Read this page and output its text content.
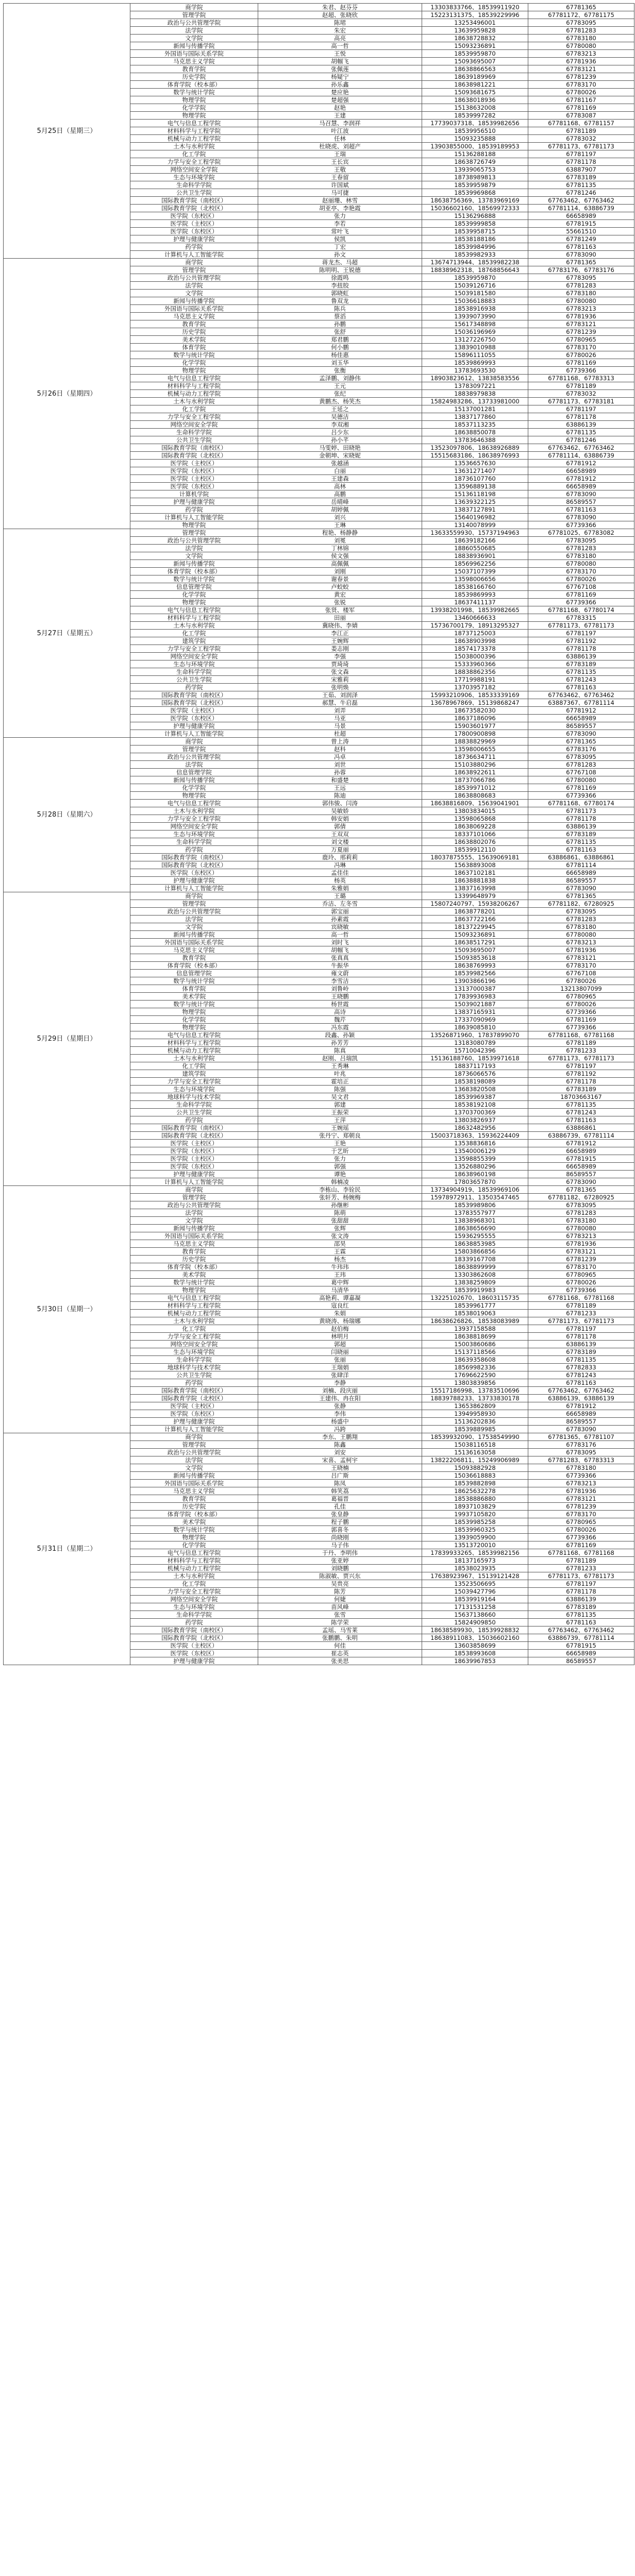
5月25日（星期三）	商学院	朱君、赵芬芬	13303833766、18539911920	67781365
	管理学院	赵超、张晓欣	15223131375、18539229996	67781172、67781175
	政治与公共管理学院	陈珺	13253496001	67783095
	法学院	朱宏	13639959828	67781283
	文学院	高亮	18638728832	67783180
	新闻与传播学院	高一哲	15093236891	67780080
	外国语与国际关系学院	王悦	18539959870	67783213
	马克思主义学院	胡帼飞	15093695007	67781936
	教育学院	张佩莲	18638866563	67783121
	历史学院	杨疑宁	18639189969	67781239
	体育学院（校本部）	孙乐鑫	18638981221	67783170
	数学与统计学院	楚应艳	15093681675	67780026
	物理学院	楚超强	18638018936	67781167
	化学学院	赵艳	15138632008	67781169
	物理学院	王建	18539997282	67783087
	电气与信息工程学院	马召慧、李润祥	17739037318、18539982656	67781168、67781157
	材料科学与工程学院	叶江波	18539956510	67781189
	机械与动力工程学院	任林	15093235888	67783032
	土木与水利学院	杜晓虎、刘超产	13903855000、18539189953	67781173、67781173
	化工学院	王瑞	15136288188	67781197
	力学与安全工程学院	王长宾	18638726749	67781178
	网络空间安全学院	王敬	13939065753	63887907
	生态与环境学院	王春留	18738989813	67783189
	生命科学学院	许国斌	18539959879	67781135
	公共卫生学院	马可捷	18539969868	67781246
	国际教育学院（南校区）	赵丽珊、林雪	18638756369、13783969169	67763462、67763462
	国际教育学院（北校区）	胡亚亭、李艳霞	15036602160、18569972333	67781114、63886739
	医学院（东校区）	张力	15136296888	66658989
	医学院（主校区）	李若	18539999858	67781915
	医学院（东校区）	常叶飞	18539958715	55661510
	护理与健康学院	侯凯	18538188186	67781249
	药学院	丁宏	18539984996	67781163
	计算机与人工智能学院	孙文	18539982933	67783090
5月26日（星期四）	商学院	蒋龙杰、马超	13674713944、18539982238	67781365
	管理学院	陈明明、王锐德	18838962318、18768856643	67783176、67783176
	政治与公共管理学院	徐霞鸣	18539959870	67783095
	法学院	李扭胶	15039126716	67781283
	文学院	郭晓虹	15039181580	67783180
	新闻与传播学院	鲁双龙	15036618883	67780080
	外国语与国际关系学院	陈兵	18538916938	67783213
	马克思主义学院	蔡滔	13939073990	67781936
	教育学院	孙鹏	15617348898	67783121
	历史学院	张舒	15036196969	67781239
	美术学院	郑君鹏	13127226750	67780965
	体育学院	何小鹏	13839010988	67783170
	数学与统计学院	杨佳惠	15896111055	67780026
	化学学院	刘玉华	18539869993	67781169
	物理学院	张衡	13783693530	67739366
	电气与信息工程学院	孟泽鹏、刘静伟	18903823612、13838583556	67781168、67783313
	材料科学与工程学院	王元	13783097221	67781189
	机械与动力工程学院	张纪	18838979838	67783032
	土木与水利学院	黄鹏杰、杨笑杰	15824983286、13733981000	67781173、67783181
	化工学院	王延之	15137001281	67781197
	力学与安全工程学院	吴德洁	13837177860	67781178
	网络空间安全学院	李双湘	18537113235	63886139
	生命科学学院	吕少东	18638850078	67781135
	公共卫生学院	孙小芊	13783646388	67781246
	国际教育学院（南校区）	马雯婷、田晓艳	13523097806、18638926889	67763462、67763462
	国际教育学院（北校区）	金朝坤、宋晓妮	15515683186、18638976993	67781114、63886739
	医学院（主校区）	张越涵	13536657630	67781912
	医学院（东校区）	白丽	13631271407	66658989
	医学院（主校区）	王建森	18736107760	67781912
	医学院（东校区）	高林	13596889138	66658989
	计算机学院	高鹏	15136118198	67783090
	护理与健康学院	岳晴峰	13639322125	86589557
	药学院	胡婷佩	13837127891	67781163
	计算机与人工智能学院	刘兴	15640196982	67783090
	物理学院	王琳	13140078999	67739366
5月27日（星期五）	管理学院	程艳、杨静静	13633559930、15737194963	67781025、67783082
	政治与公共管理学院	刘冕	18639182166	67783095
	法学院	丁林锦	18860550685	67781283
	文学院	侯文强	18838936901	67783180
	新闻与传播学院	高佩佩	18569962256	67780080
	体育学院（校本部）	刘刚	15037107399	67783170
	数学与统计学院	谢春景	13598006656	67780026
	信息管理学院	卢蛟蛟	18538166760	67767108
	化学学院	黄宏	18539869993	67781169
	物理学院	张锐	18637411137	67739366
	电气与信息工程学院	张贤、楼军	13938201998、18539982665	67781168、67780174
	材料科学与工程学院	田丽	13460666633	67783315
	土木与水利学院	冀晓伟、李婧	15736700179、18913295327	67781173、67781173
	化工学院	李江正	18737125003	67781197
	建筑学院	王婉辉	18638903998	67781192
	力学与安全工程学院	娄志刚	18574173378	67781178
	网络空间安全学院	李强	15038000396	63886139
	生态与环境学院	贾琦琦	15333960366	67783189
	生命科学学院	张文森	18838862356	67781135
	公共卫生学院	宋雅莉	17719988191	67781243
	药学院	张明焕	13703957182	67781163
	国际教育学院（南校区）	王茹、刘润泽	15993210906、18533339169	67763462、67763462
	国际教育学院（北校区）	郝慧、牛启磊	13678967869、15139868247	63887367、67781114
	医学院（主校区）	刘弄	18673582030	67781912
	医学院（东校区）	马亚	18637186096	66658989
	护理与健康学院	马景	15903601977	86589557
	计算机与人工智能学院	杜超	17800900898	67783090
5月28日（星期六）	商学院	曾上涛	18838829969	67781365
	管理学院	赵科	13598006655	67783176
	政治与公共管理学院	冯卓	18736634711	67783095
	法学院	刘世	15103880296	67781283
	信息管理学院	孙蓉	18638922611	67767108
	新闻与传播学院	和盛楚	18737066786	67780080
	化学学院	王远	18539971012	67781169
	物理学院	陈迪	18638808683	67739366
	电气与信息工程学院	郭伟骏、闫涛	18638816809、15639041901	67781168、67780174
	土木与水利学院	吴敏娇	13803834015	67781173
	力学与安全工程学院	韩安娟	13598065868	67781178
	网络空间安全学院	郭倩	18638069228	63886139
	生态与环境学院	王双双	18337101066	67783189
	生命科学学院	刘文楼	18638802076	67781135
	药学院	万夏丽	18539912110	67781163
	国际教育学院（南校区）	鹿玲、邢莉莉	18037875555、15639069181	63886861、63886861
	国际教育学院（北校区）	冯琳	15638893008	67781114
	医学院（东校区）	孟佳佳	18637102181	66658989
	护理与健康学院	杨英	18638881838	86589557
	计算机与人工智能学院	朱雅娟	13837163998	67783090
5月29日（星期日）	商学院	王璐	13399648979	67781365
	管理学院	乔洁、左冬雪	15807240797、15938206267	67781182、67280925
	政治与公共管理学院	郭宝丽	18638778201	67783095
	法学院	孙素霞	18637722166	67781283
	文学院	宾晓敏	18137229945	67783180
	新闻与传播学院	高一哲	15093236891	67780080
	外国语与国际关系学院	刘时飞	18638517291	67783213
	马克思主义学院	胡帼飞	15093695007	67781936
	教育学院	张真真	15093853618	67783121
	体育学院（校本部）	牛振华	18638769993	67783170
	信息管理学院	雍文蔚	18539982566	67767108
	数学与统计学院	李雪洁	13903866196	67780026
	体育学院	刘鲁岭	13137000387	13213807099
	美术学院	王晓鹏	17839936983	67780965
	数学与统计学院	杨世霞	15039021887	67780026
	物理学院	高诗	13837165931	67739366
	化学学院	魏芹	17337090969	67781169
	物理学院	冯东霞	18639085810	67739366
	电气与信息工程学院	段鑫、孙颖	13526871960、17837899070	67781168、67781168
	材料科学与工程学院	孙芳芳	13183080789	67781189
	机械与动力工程学院	陈真	15710042396	67781233
	土木与水利学院	赵刚、吕瑞凯	15136188760、18539971618	67781173、67781173
	化工学院	王秀琳	18837117193	67781197
	建筑学院	叶兆	18736066576	67781192
	力学与安全工程学院	霍培正	18538198089	67781178
	生态与环境学院	陈强	13683820508	67783189
	地球科学与技术学院	吴文君	18539969387	18703663167
	生命科学学院	郭建	18538192108	67781135
	公共卫生学院	王振荣	13703700369	67781243
	药学院	王萍	13803826937	67781163
	国际教育学院（南校区）	王婉瑶	18632482956	63886861
	国际教育学院（北校区）	张丹宁、郑朝良	15003718363、15936224409	63886739、67781114
	医学院（主校区）	王艳	13538836816	67781912
	医学院（东校区）	于艺昕	13540006129	66658989
	医学院（主校区）	张力	13598855399	67781915
	医学院（东校区）	郭强	13526880296	66658989
	护理与健康学院	谭艳	18638960198	86589557
	计算机与人工智能学院	韩楠凌	17803657870	67783090
5月30日（星期一）	商学院	李栋山、李铨民	13734904919、18539969106	67781365
	管理学院	张轩芳、杨婉梅	15978972911、13503547465	67781182、67280925
	政治与公共管理学院	孙继彬	18539989806	67783095
	法学院	陈萌	13783557977	67781283
	文学院	张甜甜	13838968301	67783180
	新闻与传播学院	张辉	18638656690	67780080
	外国语与国际关系学院	张文涛	15936295555	67783213
	马克思主义学院	邵昊	18638853985	67781936
	教育学院	王霖	15803866856	67783121
	历史学院	杨杰	18339167708	67781239
	体育学院（校本部）	牛玮玮	18638899999	67783170
	美术学院	王玮	13303862608	67780965
	数学与统计学院	葛中辉	13838259809	67780026
	物理学院	马清华	18539919983	67739366
	电气与信息工程学院	高艳莉、谭嘉凝	13225102670、18603115735	67781168、67781168
	材料科学与工程学院	寇良红	18539961777	67781189
	机械与动力工程学院	朱娟	18538019063	67781233
	土木与水利学院	黄晓涛、杨瑞娜	18638626826、18538083989	67781173、67781173
	化工学院	赵伯梅	13937158588	67781197
	力学与安全工程学院	林明月	18638818699	67781178
	网络空间安全学院	郭超	15003860686	63886139
	生态与环境学院	闫晓丽	15137118566	67783189
	生命科学学院	张丽	18639358608	67781135
	地球科学与技术学院	王瑞娟	18569982336	67782833
	公共卫生学院	张肆洋	17696622590	67781243
	药学院	李静	13803839856	67781163
	国际教育学院（南校区）	刘楠、段庆丽	15517186998、13783510696	67763462、67763462
	国际教育学院（北校区）	王建伟、冉在阳	18839788233、13733830178	63886139、63886139
	医学院（主校区）	张静	13653862809	67781912
	医学院（东校区）	李伟	13949958930	66658989
	护理与健康学院	杨盛中	15136202836	86589557
	计算机与人工智能学院	冯跨	18539889985	67783090
5月31日（星期二）	商学院	李东、王鹏翔	18539932090、17538549990	67781365、67781107
	管理学院	陈鑫	15038116518	67783176
	政治与公共管理学院	刘安	15136163058	67783095
	法学院	宋喜、孟柯宇	13822206811、15249906989	67781283、67783313
	文学院	王晓楠	15093882928	67783180
	新闻与传播学院	吕广斯	15036618883	67739366
	外国语与国际关系学院	陈凤	18539882898	67783213
	马克思主义学院	韩笑荔	18625632278	67781936
	教育学院	葛福晋	18538886880	67783121
	历史学院	孔佳	18937103829	67781239
	体育学院（校本部）	张皇静	19937105820	67783170
	美术学院	程子鹏	18539985258	67780965
	数学与统计学院	郭喜冬	18539960325	67780026
	物理学院	尚晓刚	13939059900	67739366
	化学学院	马子伟	13513720010	67781169
	电气与信息工程学院	于丹、李明伟	17839933265、18539982156	67781168、67781168
	材料科学与工程学院	张亚婷	18137165973	67781189
	机械与动力工程学院	刘晓鹏	18538023935	67781233
	土木与水利学院	陈淑敏、贾兴东	17638923967、15139121428	67781173、67781173
	化工学院	吴贵亮	13523506695	67781197
	力学与安全工程学院	陈芳	15039427796	67781178
	网络空间安全学院	何婕	18539919164	63886139
	生态与环境学院	苗风峰	17131531258	67783189
	生命科学学院	张雪	15637138660	67781135
	药学院	陈学荣	15824909850	67781163
	国际教育学院（南校区）	孟瑶、马雪莱	18638589930、18539928832	67763462、67763462
	国际教育学院（北校区）	张鹏鹏、朱明	18638911083、15036602160	63886739、67781114
	医学院（主校区）	何佳	13603858699	67781915
	医学院（东校区）	崔志英	18538993608	66658989
	护理与健康学院	张美思	18639967853	86589557
